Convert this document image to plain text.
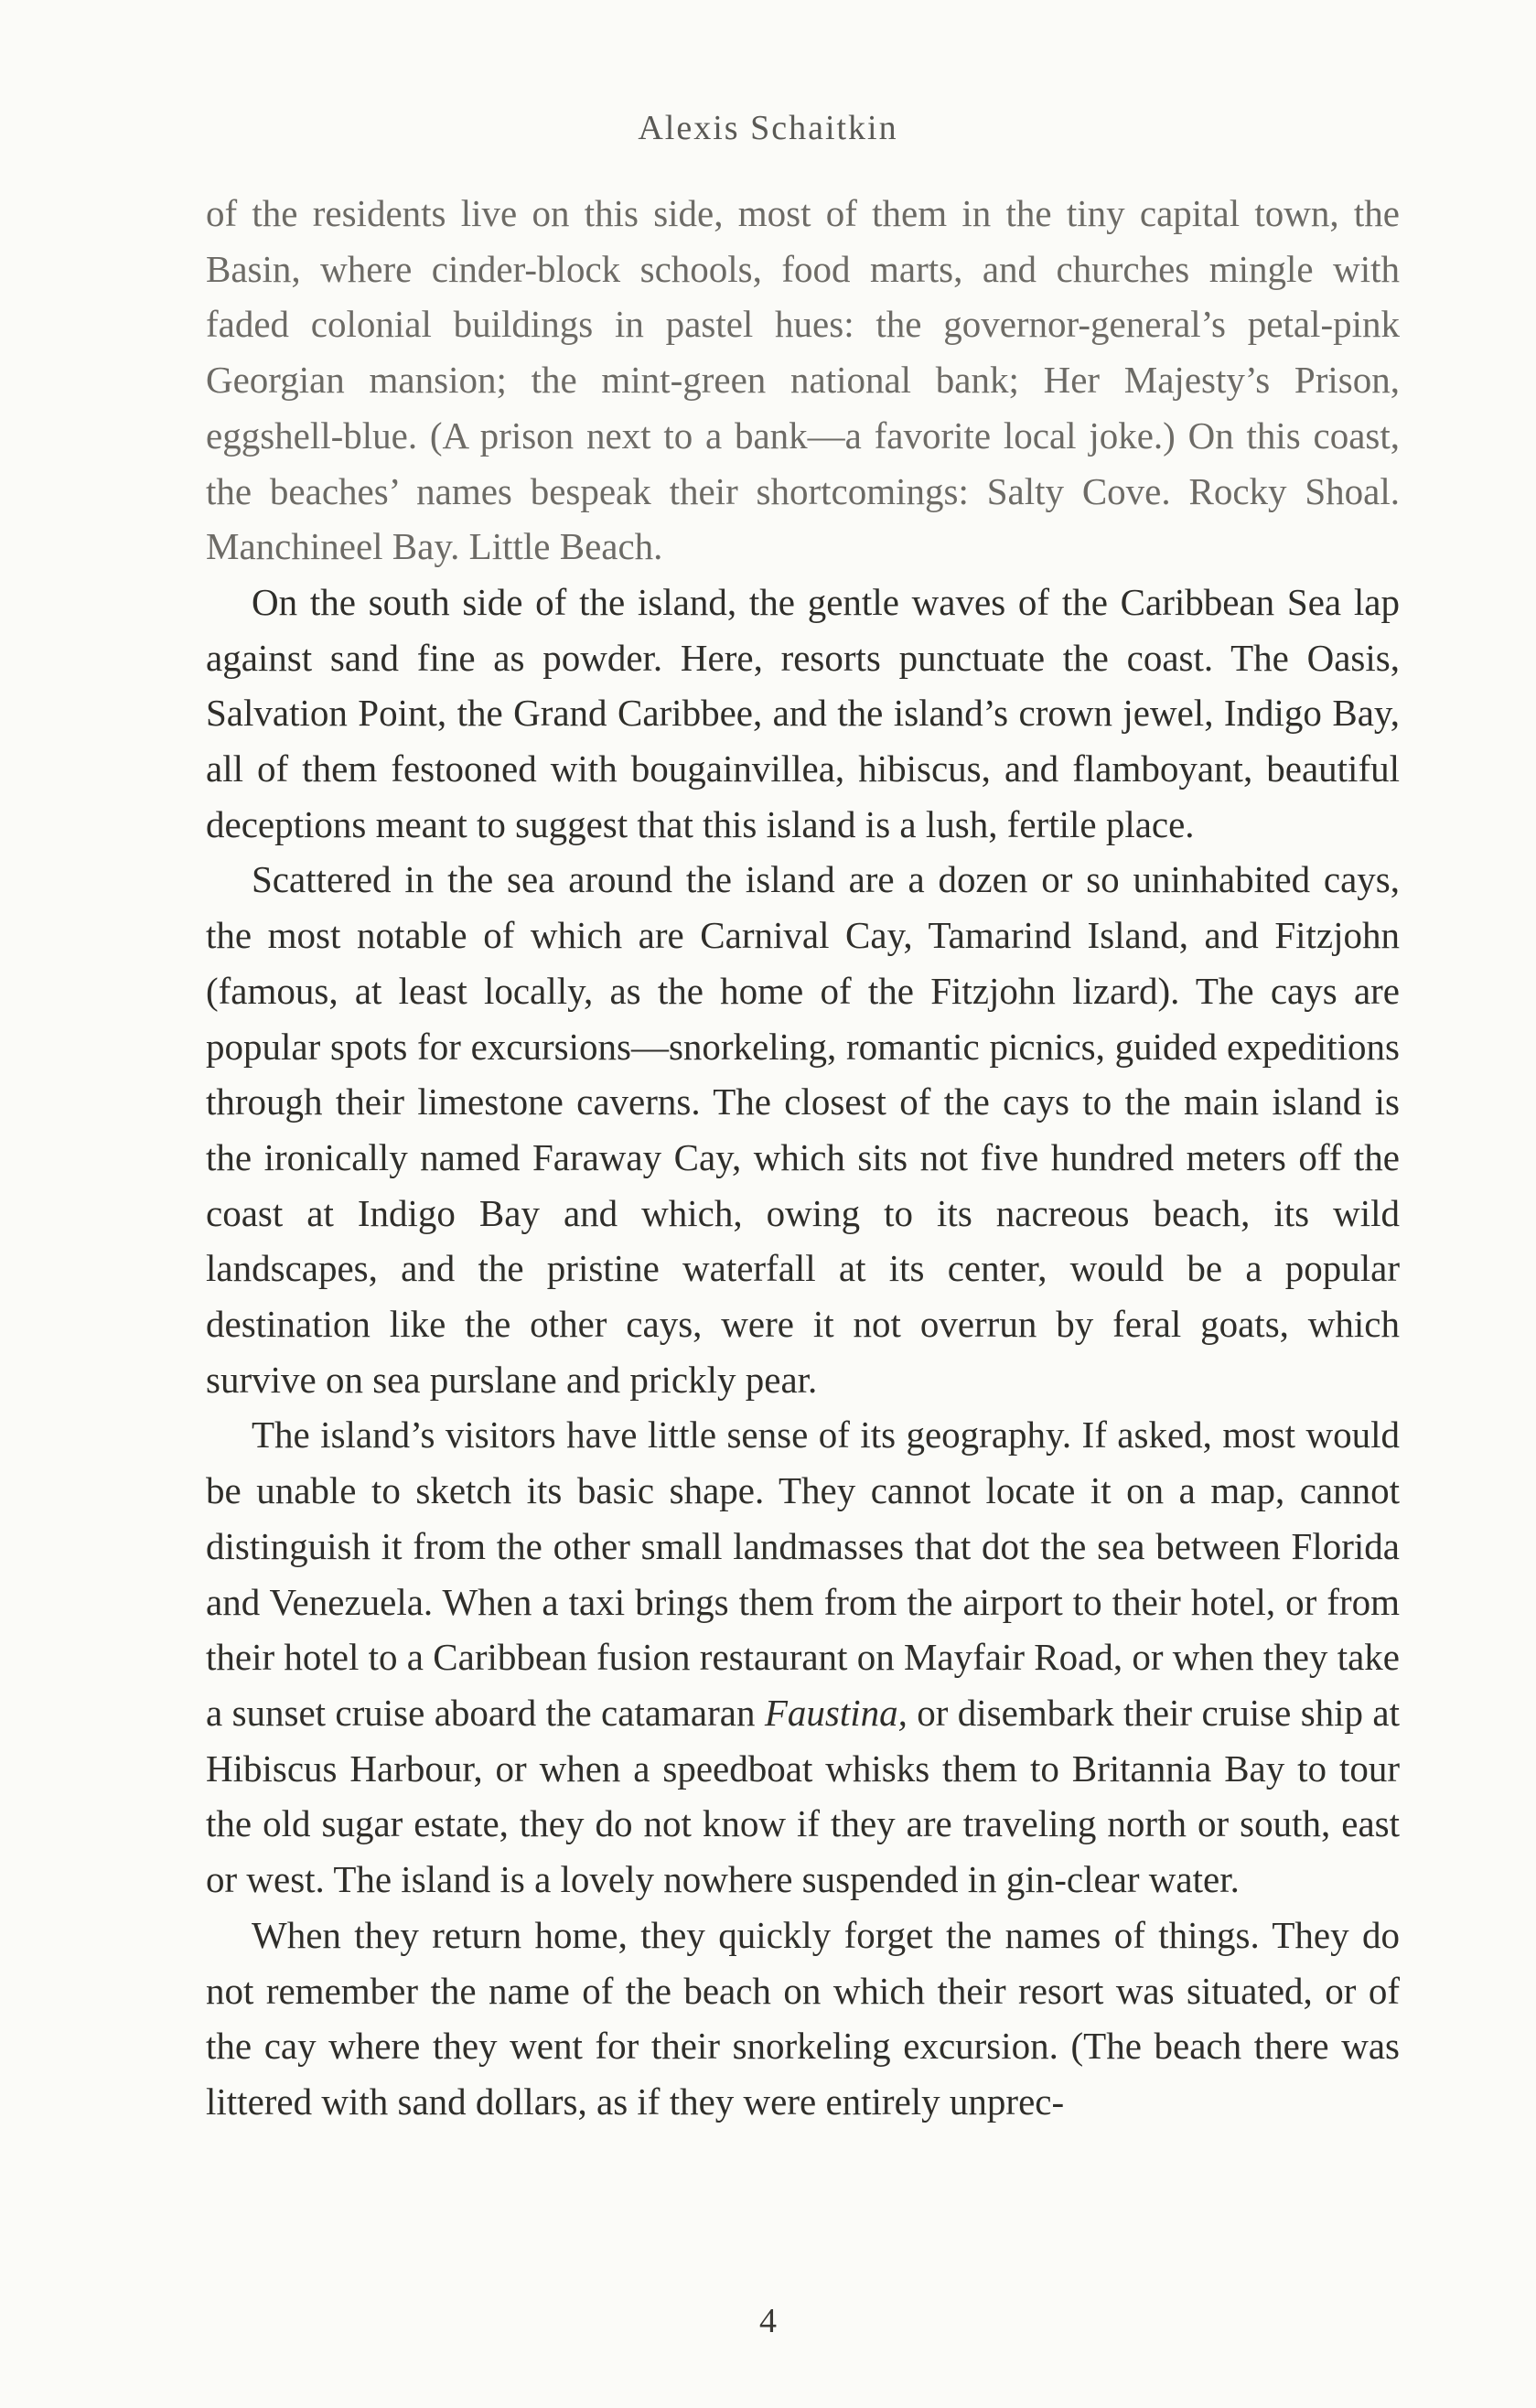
Alexis Schaitkin

of the residents live on this side, most of them in the tiny capital town, the Basin, where cinder-block schools, food marts, and churches mingle with faded colonial buildings in pastel hues: the governor-general’s petal-pink Georgian mansion; the mint-green national bank; Her Majesty’s Prison, eggshell-blue. (A prison next to a bank—a favorite local joke.) On this coast, the beaches’ names bespeak their shortcomings: Salty Cove. Rocky Shoal. Manchineel Bay. Little Beach.

On the south side of the island, the gentle waves of the Caribbean Sea lap against sand fine as powder. Here, resorts punctuate the coast. The Oasis, Salvation Point, the Grand Caribbee, and the island’s crown jewel, Indigo Bay, all of them festooned with bougainvillea, hibiscus, and flamboyant, beautiful deceptions meant to suggest that this island is a lush, fertile place.

Scattered in the sea around the island are a dozen or so uninhabited cays, the most notable of which are Carnival Cay, Tamarind Island, and Fitzjohn (famous, at least locally, as the home of the Fitzjohn lizard). The cays are popular spots for excursions—snorkeling, romantic picnics, guided expeditions through their limestone caverns. The closest of the cays to the main island is the ironically named Faraway Cay, which sits not five hundred meters off the coast at Indigo Bay and which, owing to its nacreous beach, its wild landscapes, and the pristine waterfall at its center, would be a popular destination like the other cays, were it not overrun by feral goats, which survive on sea purslane and prickly pear.

The island’s visitors have little sense of its geography. If asked, most would be unable to sketch its basic shape. They cannot locate it on a map, cannot distinguish it from the other small landmasses that dot the sea between Florida and Venezuela. When a taxi brings them from the airport to their hotel, or from their hotel to a Caribbean fusion restaurant on Mayfair Road, or when they take a sunset cruise aboard the catamaran Faustina, or disembark their cruise ship at Hibiscus Harbour, or when a speedboat whisks them to Britannia Bay to tour the old sugar estate, they do not know if they are traveling north or south, east or west. The island is a lovely nowhere suspended in gin-clear water.

When they return home, they quickly forget the names of things. They do not remember the name of the beach on which their resort was situated, or of the cay where they went for their snorkeling excursion. (The beach there was littered with sand dollars, as if they were entirely unprec-

4
